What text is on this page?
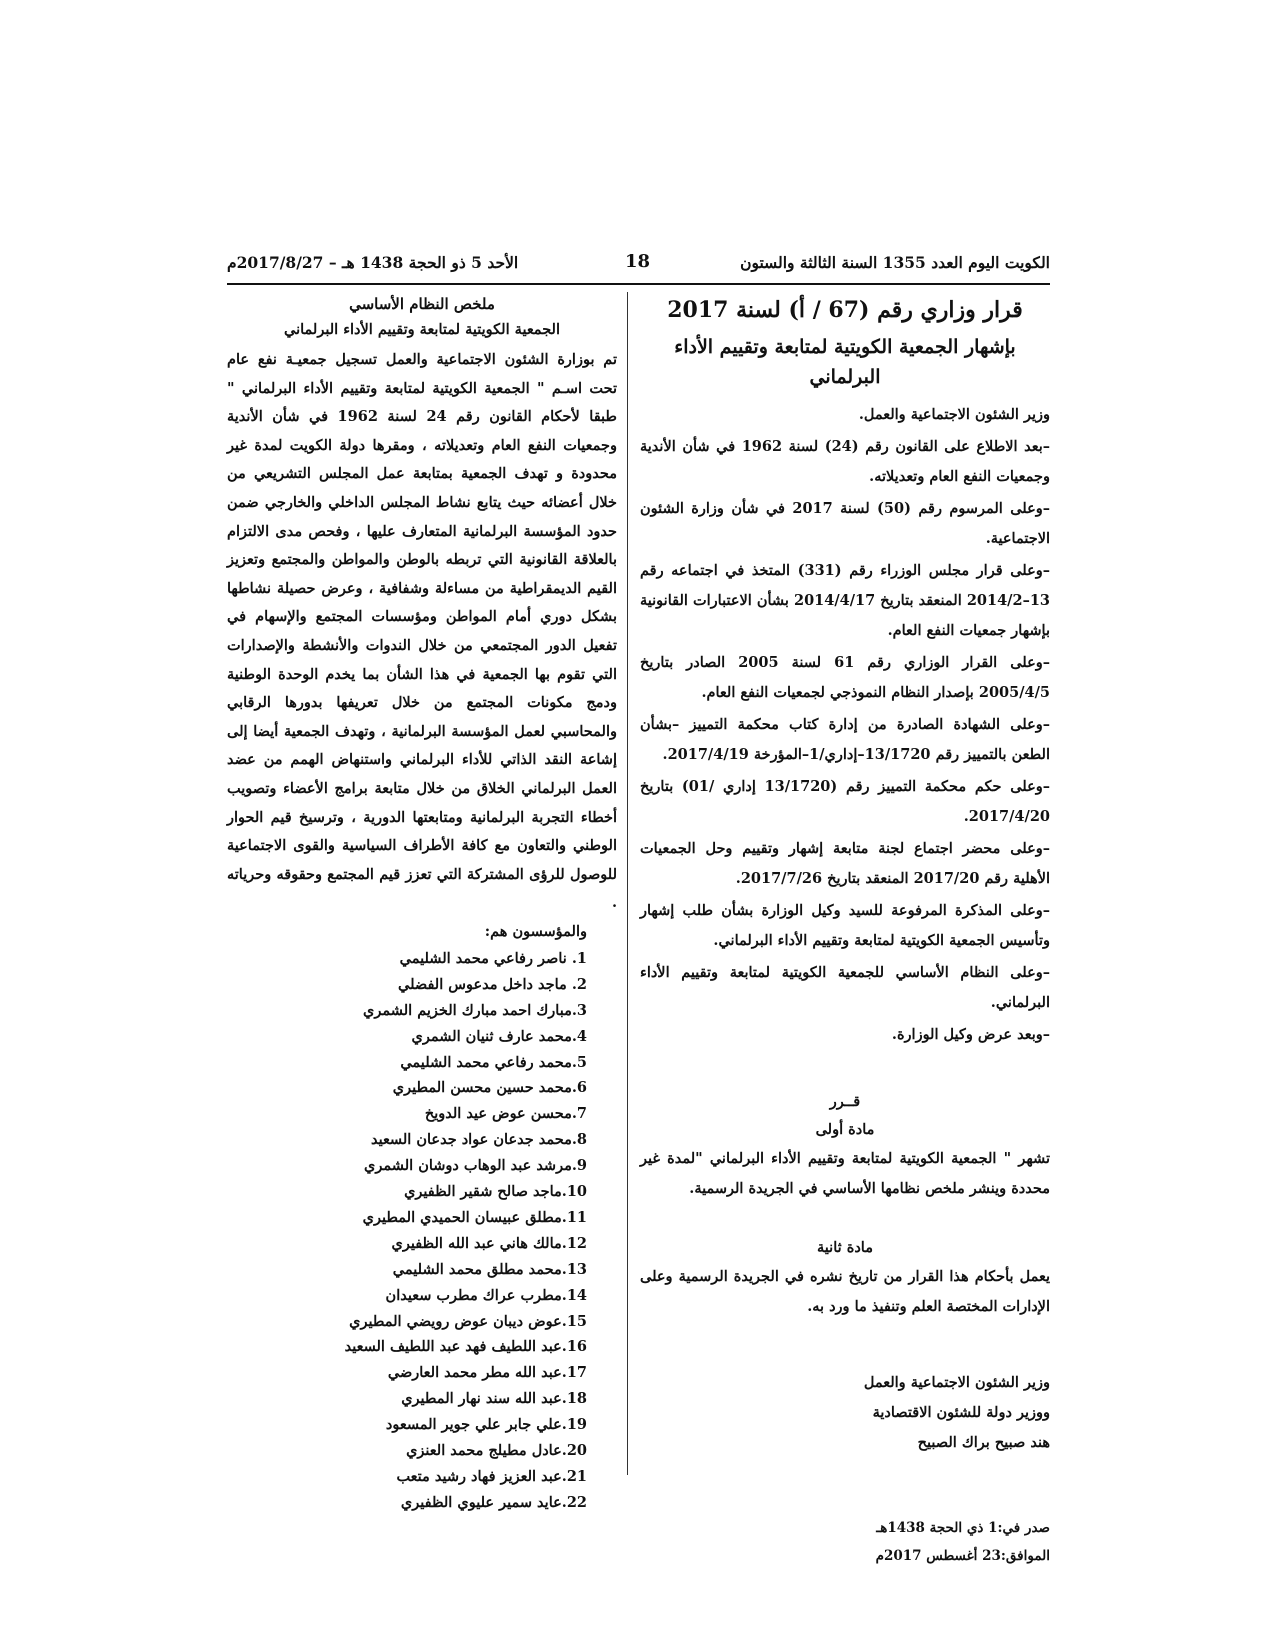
الكويت اليوم العدد 1355 السنة الثالثة والستون
18
الأحد 5 ذو الحجة 1438 هـ – 2017/8/27م
قرار وزاري رقم (67 / أ) لسنة 2017
بإشهار الجمعية الكويتية لمتابعة وتقييم الأداء البرلماني
وزير الشئون الاجتماعية والعمل.

–بعد الاطلاع على القانون رقم (24) لسنة 1962 في شأن الأندية وجمعيات النفع العام وتعديلاته.

–وعلى المرسوم رقم (50) لسنة 2017 في شأن وزارة الشئون الاجتماعية.

–وعلى قرار مجلس الوزراء رقم (331) المتخذ في اجتماعه رقم 13–2014/2 المنعقد بتاريخ 2014/4/17 بشأن الاعتبارات القانونية بإشهار جمعيات النفع العام.

–وعلى القرار الوزاري رقم 61 لسنة 2005 الصادر بتاريخ 2005/4/5 بإصدار النظام النموذجي لجمعيات النفع العام.

–وعلى الشهادة الصادرة من إدارة كتاب محكمة التمييز –بشأن الطعن بالتمييز رقم 13/1720–إداري/1–المؤرخة 2017/4/19.

–وعلى حكم محكمة التمييز رقم (13/1720 إداري /01) بتاريخ 2017/4/20.

–وعلى محضر اجتماع لجنة متابعة إشهار وتقييم وحل الجمعيات الأهلية رقم 2017/20 المنعقد بتاريخ 2017/7/26.

–وعلى المذكرة المرفوعة للسيد وكيل الوزارة بشأن طلب إشهار وتأسيس الجمعية الكويتية لمتابعة وتقييم الأداء البرلماني.

–وعلى النظام الأساسي للجمعية الكويتية لمتابعة وتقييم الأداء البرلماني.

–وبعد عرض وكيل الوزارة.

قــرر
مادة أولى
تشهر " الجمعية الكويتية لمتابعة وتقييم الأداء البرلماني "لمدة غير محددة وينشر ملخص نظامها الأساسي في الجريدة الرسمية.
مادة ثانية
يعمل بأحكام هذا القرار من تاريخ نشره في الجريدة الرسمية وعلى الإدارات المختصة العلم وتنفيذ ما ورد به.
وزير الشئون الاجتماعية والعمل
ووزير دولة للشئون الاقتصادية
هند صبيح براك الصبيح
صدر في:1 ذي الحجة 1438هـ
الموافق:23 أغسطس 2017م
ملخص النظام الأساسي
الجمعية الكويتية لمتابعة وتقييم الأداء البرلماني
تم بوزارة الشئون الاجتماعية والعمل تسجيل جمعيـة نفع عام تحت اسـم " الجمعية الكويتية لمتابعة وتقييم الأداء البرلماني " طبقا لأحكام القانون رقم 24 لسنة 1962 في شأن الأندية وجمعيات النفع العام وتعديلاته ، ومقرها دولة الكويت لمدة غير محدودة و تهدف الجمعية بمتابعة عمل المجلس التشريعي من خلال أعضائه حيث يتابع نشاط المجلس الداخلي والخارجي ضمن حدود المؤسسة البرلمانية المتعارف عليها ، وفحص مدى الالتزام بالعلاقة القانونية التي تربطه بالوطن والمواطن والمجتمع وتعزيز القيم الديمقراطية من مساءلة وشفافية ، وعرض حصيلة نشاطها بشكل دوري أمام المواطن ومؤسسات المجتمع والإسهام في تفعيل الدور المجتمعي من خلال الندوات والأنشطة والإصدارات التي تقوم بها الجمعية في هذا الشأن بما يخدم الوحدة الوطنية ودمج مكونات المجتمع من خلال تعريفها بدورها الرقابي والمحاسبي لعمل المؤسسة البرلمانية ، وتهدف الجمعية أيضا إلى إشاعة النقد الذاتي للأداء البرلماني واستنهاض الهمم من عضد العمل البرلماني الخلاق من خلال متابعة برامج الأعضاء وتصويب أخطاء التجربة البرلمانية ومتابعتها الدورية ، وترسيخ قيم الحوار الوطني والتعاون مع كافة الأطراف السياسية والقوى الاجتماعية للوصول للرؤى المشتركة التي تعزز قيم المجتمع وحقوقه وحرياته .
والمؤسسون هم:
1. ناصر رفاعي محمد الشليمي
2. ماجد داخل مدعوس الفضلي
3.مبارك احمد مبارك الخزيم الشمري
4.محمد عارف ثنيان الشمري
5.محمد رفاعي محمد الشليمي
6.محمد حسين محسن المطيري
7.محسن عوض عيد الدويخ
8.محمد جدعان عواد جدعان السعيد
9.مرشد عبد الوهاب دوشان الشمري
10.ماجد صالح شقير الظفيري
11.مطلق عبيسان الحميدي المطيري
12.مالك هاني عبد الله الظفيري
13.محمد مطلق محمد الشليمي
14.مطرب عراك مطرب سعيدان
15.عوض ديبان عوض رويضي المطيري
16.عبد اللطيف فهد عبد اللطيف السعيد
17.عبد الله مطر محمد العارضي
18.عبد الله سند نهار المطيري
19.علي جابر علي جوير المسعود
20.عادل مطيلج محمد العنزي
21.عبد العزيز فهاد رشيد متعب
22.عايد سمير عليوي الظفيري
